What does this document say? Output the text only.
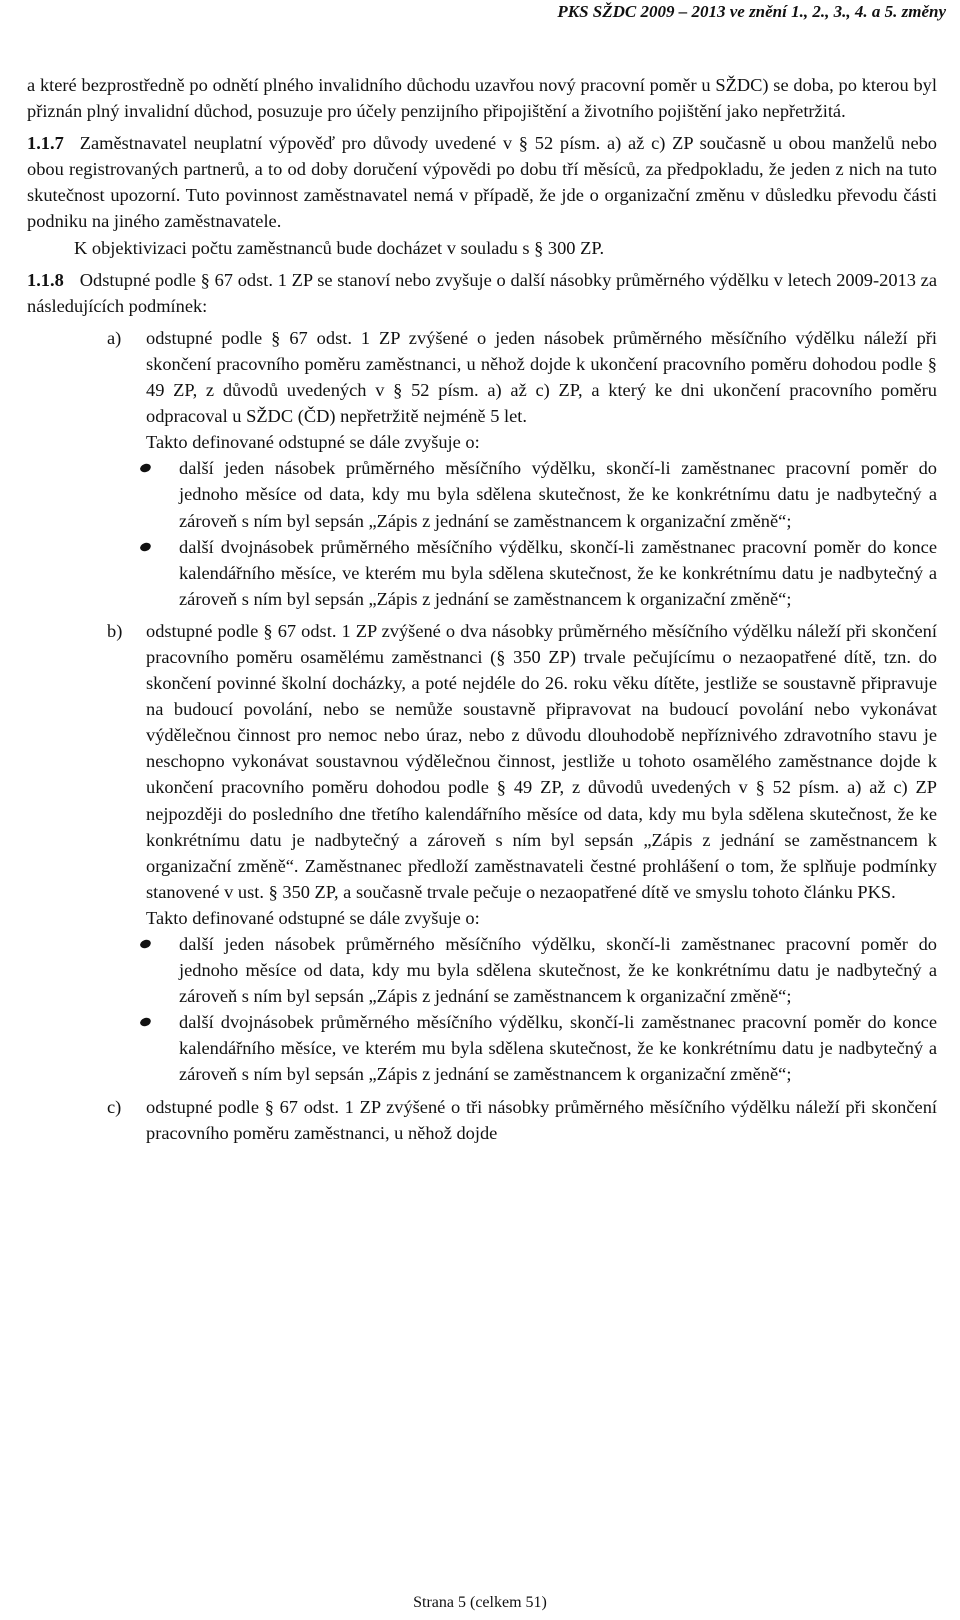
PKS SŽDC 2009 – 2013 ve znění 1., 2., 3., 4. a 5. změny

a které bezprostředně po odnětí plného invalidního důchodu uzavřou nový pracovní poměr u SŽDC) se doba, po kterou byl přiznán plný invalidní důchod, posuzuje pro účely penzijního připojištění a životního pojištění jako nepřetržitá.

1.1.7 Zaměstnavatel neuplatní výpověď pro důvody uvedené v § 52 písm. a) až c) ZP současně u obou manželů nebo obou registrovaných partnerů, a to od doby doručení výpovědi po dobu tří měsíců, za předpokladu, že jeden z nich na tuto skutečnost upozorní. Tuto povinnost zaměstnavatel nemá v případě, že jde o organizační změnu v důsledku převodu části podniku na jiného zaměstnavatele.

K objektivizaci počtu zaměstnanců bude docházet v souladu s § 300 ZP.

1.1.8 Odstupné podle § 67 odst. 1 ZP se stanoví nebo zvyšuje o další násobky průměrného výdělku v letech 2009-2013 za následujících podmínek:

a) odstupné podle § 67 odst. 1 ZP zvýšené o jeden násobek průměrného měsíčního výdělku náleží při skončení pracovního poměru zaměstnanci, u něhož dojde k ukončení pracovního poměru dohodou podle § 49 ZP, z důvodů uvedených v § 52 písm. a) až c) ZP, a který ke dni ukončení pracovního poměru odpracoval u SŽDC (ČD) nepřetržitě nejméně 5 let.

Takto definované odstupné se dále zvyšuje o:

další jeden násobek průměrného měsíčního výdělku, skončí-li zaměstnanec pracovní poměr do jednoho měsíce od data, kdy mu byla sdělena skutečnost, že ke konkrétnímu datu je nadbytečný a zároveň s ním byl sepsán „Zápis z jednání se zaměstnancem k organizační změně“;
další dvojnásobek průměrného měsíčního výdělku, skončí-li zaměstnanec pracovní poměr do konce kalendářního měsíce, ve kterém mu byla sdělena skutečnost, že ke konkrétnímu datu je nadbytečný a zároveň s ním byl sepsán „Zápis z jednání se zaměstnancem k organizační změně“;
b) odstupné podle § 67 odst. 1 ZP zvýšené o dva násobky průměrného měsíčního výdělku náleží při skončení pracovního poměru osamělému zaměstnanci (§ 350 ZP) trvale pečujícímu o nezaopatřené dítě, tzn. do skončení povinné školní docházky, a poté nejdéle do 26. roku věku dítěte, jestliže se soustavně připravuje na budoucí povolání, nebo se nemůže soustavně připravovat na budoucí povolání nebo vykonávat výdělečnou činnost pro nemoc nebo úraz, nebo z důvodu dlouhodobě nepříznivého zdravotního stavu je neschopno vykonávat soustavnou výdělečnou činnost, jestliže u tohoto osamělého zaměstnance dojde k ukončení pracovního poměru dohodou podle § 49 ZP, z důvodů uvedených v § 52 písm. a) až c) ZP nejpozději do posledního dne třetího kalendářního měsíce od data, kdy mu byla sdělena skutečnost, že ke konkrétnímu datu je nadbytečný a zároveň s ním byl sepsán „Zápis z jednání se zaměstnancem k organizační změně“. Zaměstnanec předloží zaměstnavateli čestné prohlášení o tom, že splňuje podmínky stanovené v ust. § 350 ZP, a současně trvale pečuje o nezaopatřené dítě ve smyslu tohoto článku PKS.

Takto definované odstupné se dále zvyšuje o:

další jeden násobek průměrného měsíčního výdělku, skončí-li zaměstnanec pracovní poměr do jednoho měsíce od data, kdy mu byla sdělena skutečnost, že ke konkrétnímu datu je nadbytečný a zároveň s ním byl sepsán „Zápis z jednání se zaměstnancem k organizační změně“;
další dvojnásobek průměrného měsíčního výdělku, skončí-li zaměstnanec pracovní poměr do konce kalendářního měsíce, ve kterém mu byla sdělena skutečnost, že ke konkrétnímu datu je nadbytečný a zároveň s ním byl sepsán „Zápis z jednání se zaměstnancem k organizační změně“;
c) odstupné podle § 67 odst. 1 ZP zvýšené o tři násobky průměrného měsíčního výdělku náleží při skončení pracovního poměru zaměstnanci, u něhož dojde
Strana 5 (celkem 51)
